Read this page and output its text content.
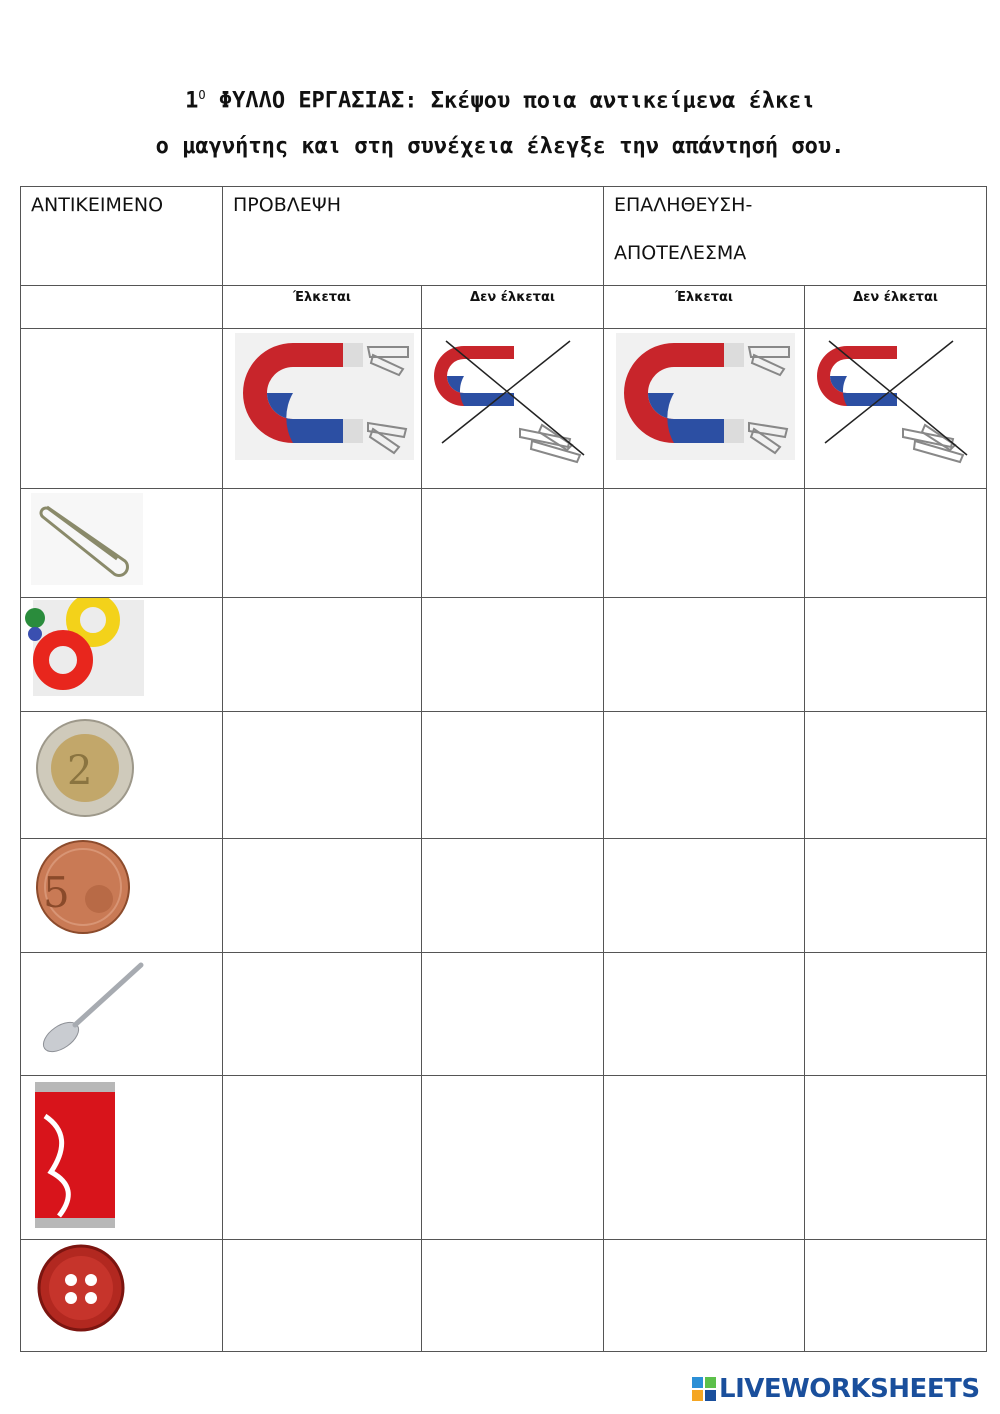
$1^O$ ΦΥΛΛΟ ΕΡΓΑΣΙΑΣ: Σκέψου ποια αντικείμενα έλκει
ο μαγνήτης και στη συνέχεια έλεγξε την απάντησή σου.
ΑΝΤΙΚΕΙΜΕΝΟ	ΠΡΟΒΛΕΨΗ		ΕΠΑΛΗΘΕΥΣΗ-
ΑΠΟΤΕΛΕΣΜΑ	

	Έλκεται	Δεν έλκεται	Έλκεται	Δεν έλκεται

2				

5				

LIVEWORKSHEETS
